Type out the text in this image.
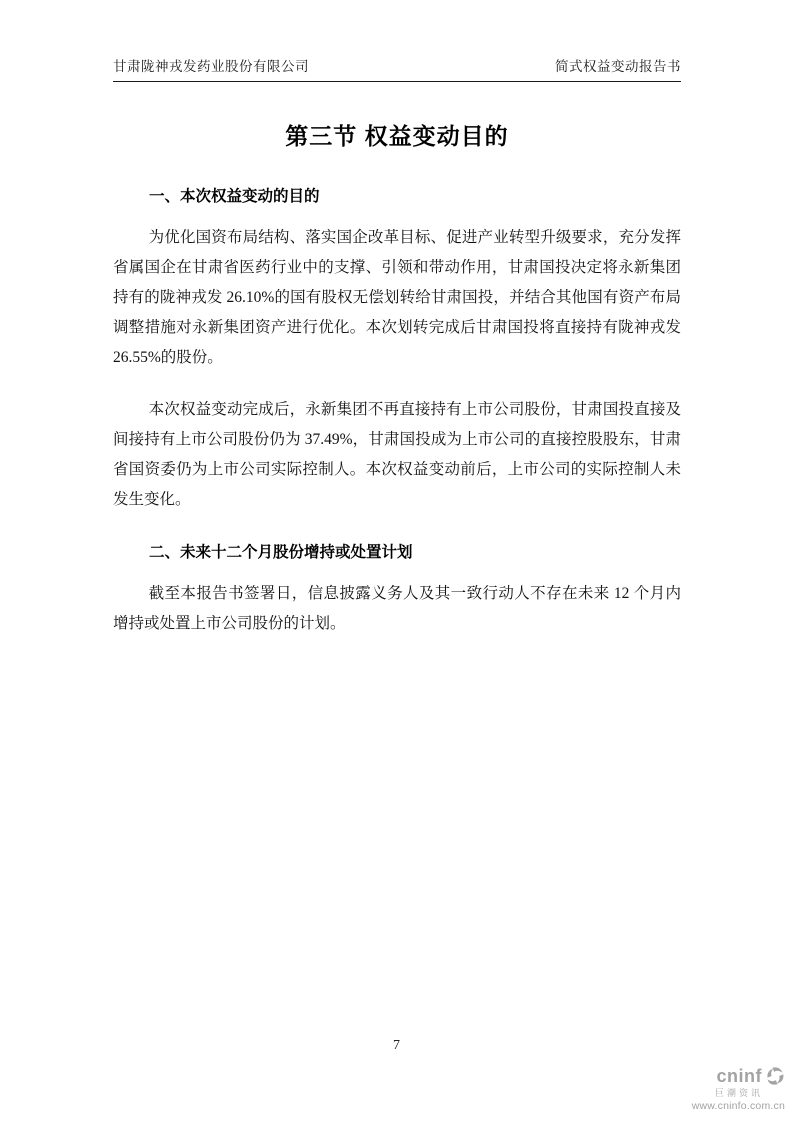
甘肃陇神戎发药业股份有限公司	简式权益变动报告书
第三节 权益变动目的
一、本次权益变动的目的

为优化国资布局结构、落实国企改革目标、促进产业转型升级要求，充分发挥省属国企在甘肃省医药行业中的支撑、引领和带动作用，甘肃国投决定将永新集团持有的陇神戎发 26.10%的国有股权无偿划转给甘肃国投，并结合其他国有资产布局调整措施对永新集团资产进行优化。本次划转完成后甘肃国投将直接持有陇神戎发 26.55%的股份。

本次权益变动完成后，永新集团不再直接持有上市公司股份，甘肃国投直接及间接持有上市公司股份仍为 37.49%，甘肃国投成为上市公司的直接控股股东，甘肃省国资委仍为上市公司实际控制人。本次权益变动前后，上市公司的实际控制人未发生变化。

二、未来十二个月股份增持或处置计划

截至本报告书签署日，信息披露义务人及其一致行动人不存在未来 12 个月内增持或处置上市公司股份的计划。

7
cninf
巨潮资讯
www.cninfo.com.cn
